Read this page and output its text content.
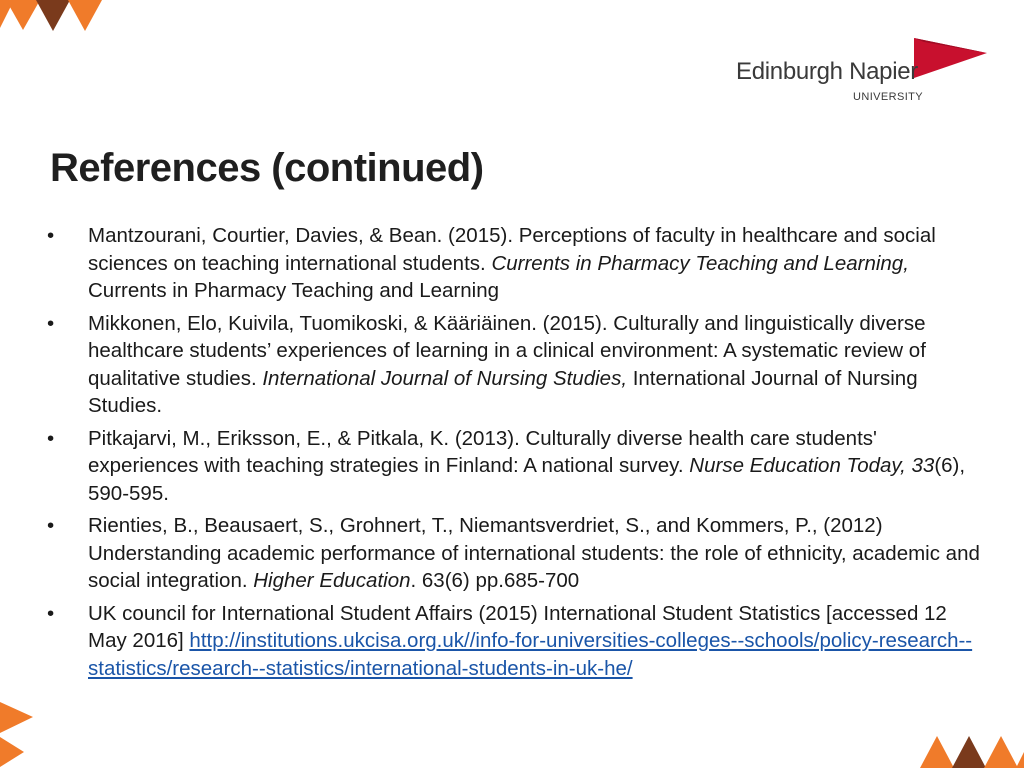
Edinburgh Napier
UNIVERSITY
References (continued)
• Mantzourani, Courtier, Davies, & Bean. (2015). Perceptions of faculty in healthcare and social sciences on teaching international students. Currents in Pharmacy Teaching and Learning, Currents in Pharmacy Teaching and Learning
• Mikkonen, Elo, Kuivila, Tuomikoski, & Kääriäinen. (2015). Culturally and linguistically diverse healthcare students’ experiences of learning in a clinical environment: A systematic review of qualitative studies. International Journal of Nursing Studies, International Journal of Nursing Studies.
• Pitkajarvi, M., Eriksson, E., & Pitkala, K. (2013). Culturally diverse health care students' experiences with teaching strategies in Finland: A national survey. Nurse Education Today, 33(6), 590-595.
• Rienties, B., Beausaert, S., Grohnert, T., Niemantsverdriet, S., and Kommers, P., (2012) Understanding academic performance of international students: the role of ethnicity, academic and social integration. Higher Education. 63(6) pp.685-700
• UK council for International Student Affairs (2015) International Student Statistics [accessed 12 May 2016] http://institutions.ukcisa.org.uk//info-for-universities-colleges--schools/policy-research--statistics/research--statistics/international-students-in-uk-he/
